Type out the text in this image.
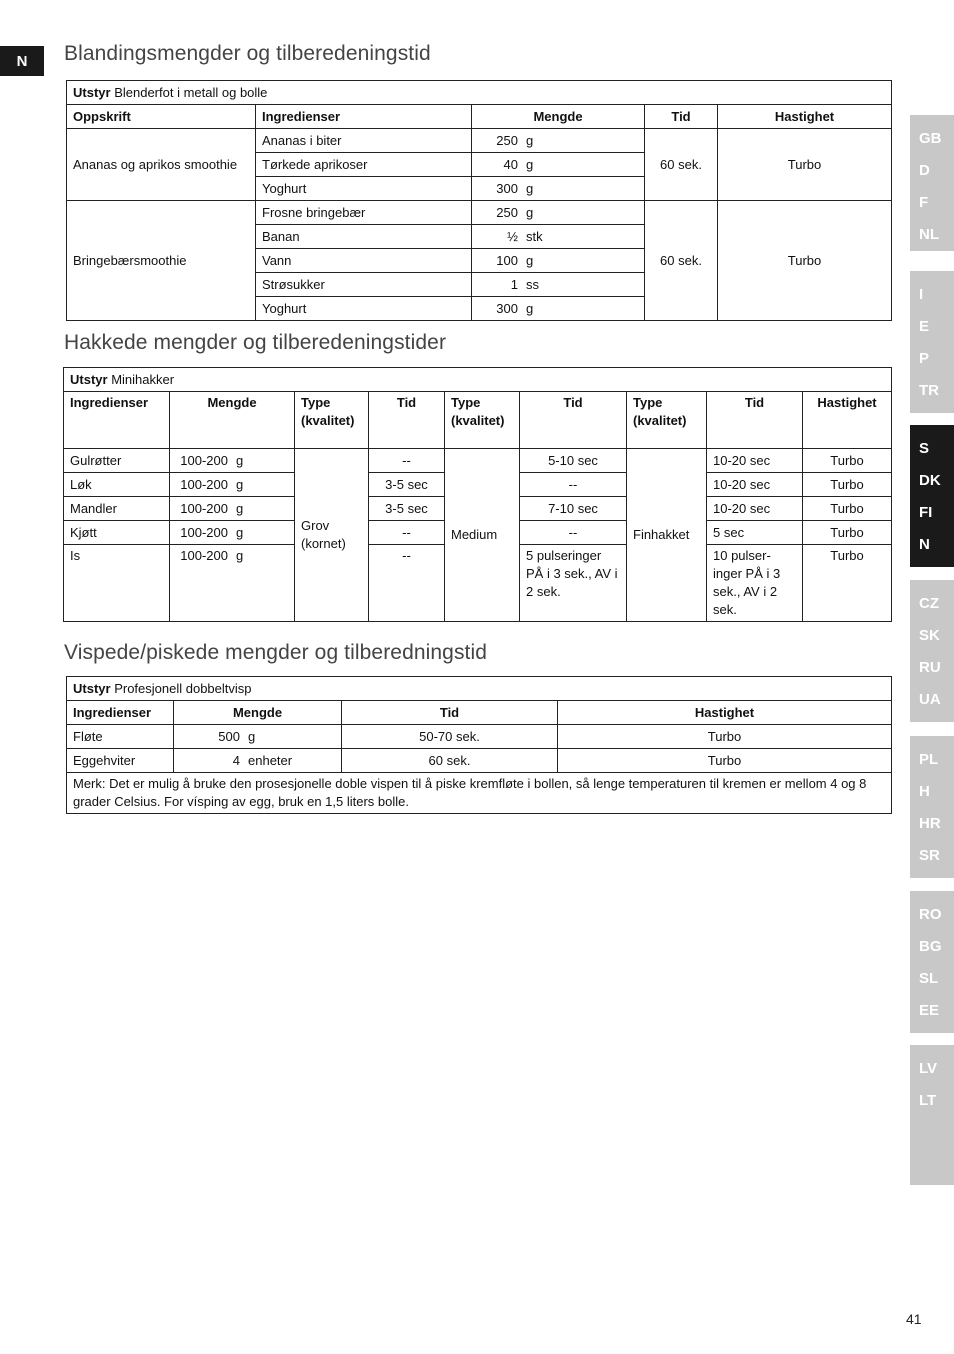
N	Blandingsmengder og tilberedeningstid
Utstyr Blenderfot i metall og bolle				
Oppskrift	Ingredienser	Mengde	Tid	Hastighet
Ananas og aprikos smoothie	Ananas i biter	250 g	60 sek.	Turbo
	Tørkede aprikoser	40 g		
	Yoghurt	300 g		
Bringebærsmoothie	Frosne bringebær	250 g	60 sek.	Turbo
	Banan	½ stk		
	Vann	100 g		
	Strøsukker	1 ss		
	Yoghurt	300 g		
Hakkede mengder og tilberedeningstider
Utstyr Minihakker								
Ingredienser	Mengde	Type (kvalitet)	Tid	Type (kvalitet)	Tid	Type (kvalitet)	Tid	Hastighet
Gulrøtter	100-200 g	Grov (kornet)	--	Medium	5-10 sec	Finhakket	10-20 sec	Turbo
Løk	100-200 g		3-5 sec		--		10-20 sec	Turbo
Mandler	100-200 g		3-5 sec		7-10 sec		10-20 sec	Turbo
Kjøtt	100-200 g		--		--		5 sec	Turbo
Is	100-200 g		--		5 pulseringer PÅ i 3 sek., AV i 2 sek.		10 pulser-inger PÅ i 3 sek., AV i 2 sek.	Turbo
Vispede/piskede mengder og tilberedningstid
Utstyr Profesjonell dobbeltvisp			
Ingredienser	Mengde	Tid	Hastighet
Fløte	500 g	50-70 sek.	Turbo
Eggehviter	4 enheter	60 sek.	Turbo
Merk: Det er mulig å bruke den prosesjonelle doble vispen til å piske kremfløte i bollen, så lenge temperaturen til kremen er mellom 4 og 8 grader Celsius. For vísping av egg, bruk en 1,5 liters bolle.			
GB
D
F
NL
I
E
P
TR
S
DK
FI
N
CZ
SK
RU
UA
PL
H
HR
SR
RO
BG
SL
EE
LV
LT
41
